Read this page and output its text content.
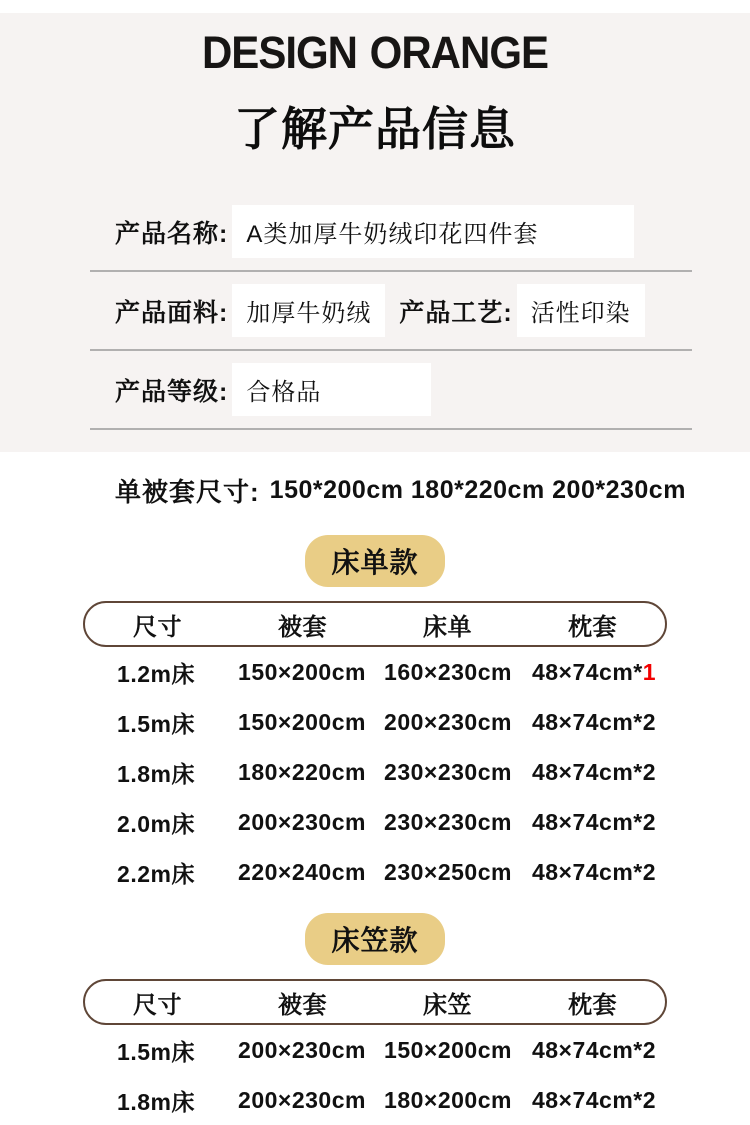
DESIGN ORANGE
了解产品信息
产品名称: A类加厚牛奶绒印花四件套
产品面料: 加厚牛奶绒	产品工艺: 活性印染
产品等级: 合格品
单被套尺寸: 150*200cm 180*220cm 200*230cm
床单款
尺寸	被套	床单	枕套
1.2m床	150×200cm 160×230cm 48×74cm*1
1.5m床	150×200cm 200×230cm 48×74cm*2
1.8m床	180×220cm 230×230cm 48×74cm*2
2.0m床	200×230cm 230×230cm 48×74cm*2
2.2m床	220×240cm 230×250cm 48×74cm*2
床笠款
尺寸	被套	床笠	枕套
1.5m床	200×230cm 150×200cm 48×74cm*2
1.8m床	200×230cm 180×200cm 48×74cm*2
